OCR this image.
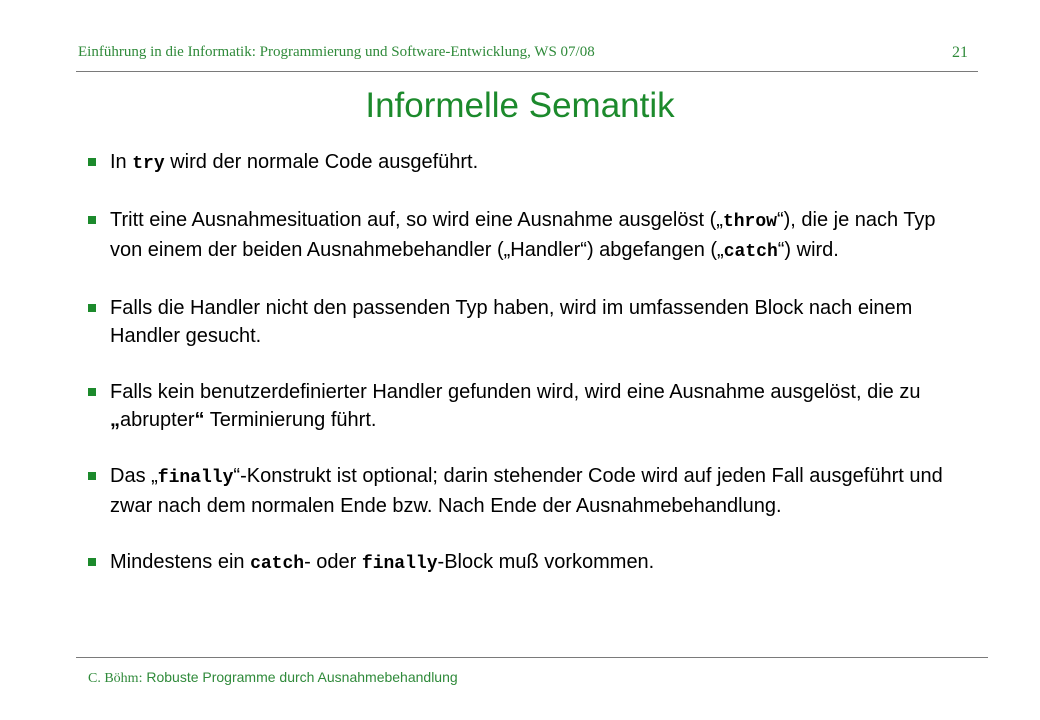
Einführung in die Informatik: Programmierung und Software-Entwicklung, WS 07/08	21
Informelle Semantik
In try wird der normale Code ausgeführt.
Tritt eine Ausnahmesituation auf, so wird eine Ausnahme ausgelöst („throw“), die je nach Typ von einem der beiden Ausnahmebehandler („Handler“) abgefangen („catch“) wird.
Falls die Handler nicht den passenden Typ haben, wird im umfassenden Block nach einem Handler gesucht.
Falls kein benutzerdefinierter Handler gefunden wird, wird eine Ausnahme ausgelöst, die zu „abrupter“ Terminierung führt.
Das „finally“-Konstrukt ist optional; darin stehender Code wird auf jeden Fall ausgeführt und zwar nach dem normalen Ende bzw. Nach Ende der Ausnahmebehandlung.
Mindestens ein catch- oder finally-Block muß vorkommen.
C. Böhm: Robuste Programme durch Ausnahmebehandlung
